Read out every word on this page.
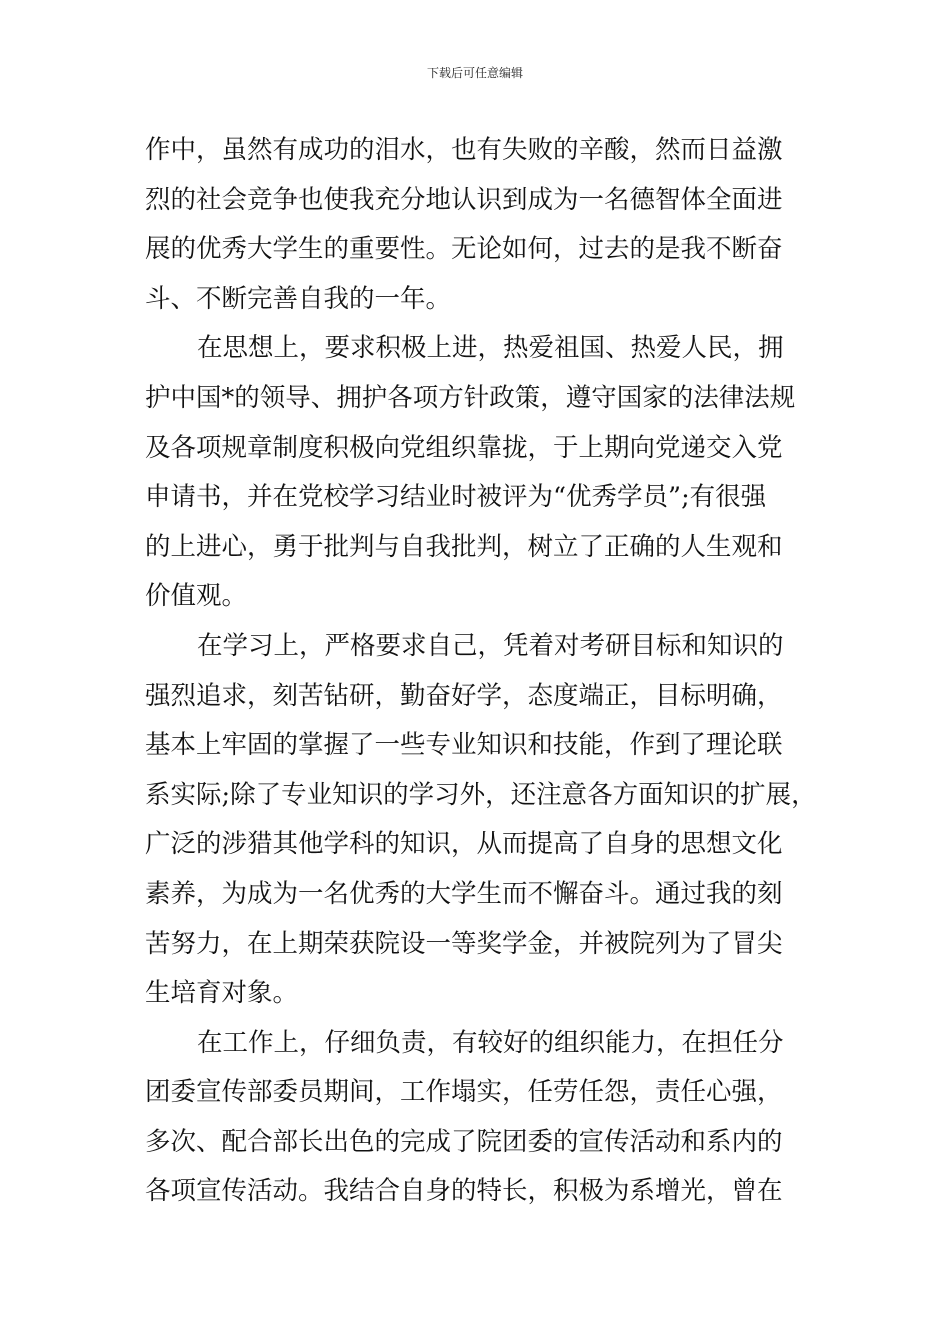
下载后可任意编辑
作中，虽然有成功的泪水，也有失败的辛酸，然而日益激
烈的社会竞争也使我充分地认识到成为一名德智体全面进
展的优秀大学生的重要性。无论如何，过去的是我不断奋
斗、不断完善自我的一年。
在思想上，要求积极上进，热爱祖国、热爱人民，拥
护中国*的领导、拥护各项方针政策，遵守国家的法律法规
及各项规章制度积极向党组织靠拢，于上期向党递交入党
申请书，并在党校学习结业时被评为“优秀学员”;有很强
的上进心，勇于批判与自我批判，树立了正确的人生观和
价值观。
在学习上，严格要求自己，凭着对考研目标和知识的
强烈追求，刻苦钻研，勤奋好学，态度端正，目标明确，
基本上牢固的掌握了一些专业知识和技能，作到了理论联
系实际;除了专业知识的学习外，还注意各方面知识的扩展，
广泛的涉猎其他学科的知识，从而提高了自身的思想文化
素养，为成为一名优秀的大学生而不懈奋斗。通过我的刻
苦努力，在上期荣获院设一等奖学金，并被院列为了冒尖
生培育对象。
在工作上，仔细负责，有较好的组织能力，在担任分
团委宣传部委员期间，工作塌实，任劳任怨，责任心强，
多次、配合部长出色的完成了院团委的宣传活动和系内的
各项宣传活动。我结合自身的特长，积极为系增光，曾在
